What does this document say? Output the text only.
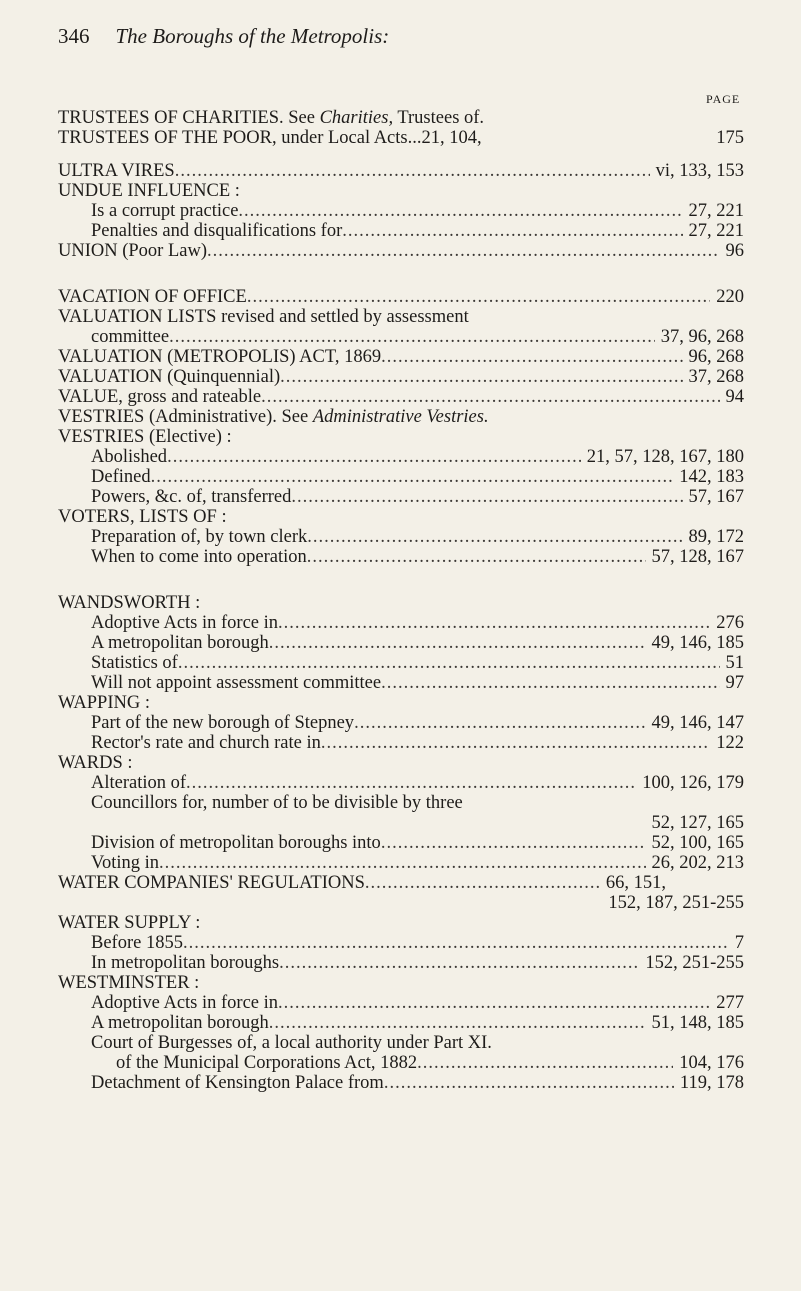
346 The Boroughs of the Metropolis:
PAGE
TRUSTEES OF CHARITIES. See Charities, Trustees of.
TRUSTEES OF THE POOR, under Local Acts...21, 104,	175
ULTRA VIRES .....	vi, 133, 153
UNDUE INFLUENCE :
Is a corrupt practice .....	27, 221
Penalties and disqualifications for .....	27, 221
UNION (Poor Law) .....	96
VACATION OF OFFICE .....	220
VALUATION LISTS revised and settled by assessment
committee .....	37, 96, 268
VALUATION (METROPOLIS) ACT, 1869 .....	96, 268
VALUATION (Quinquennial) .....	37, 268
VALUE, gross and rateable .....	94
VESTRIES (Administrative). See Administrative Vestries.
VESTRIES (Elective) :
Abolished .....	21, 57, 128, 167, 180
Defined .....	142, 183
Powers, &c. of, transferred .....	57, 167
VOTERS, LISTS OF :
Preparation of, by town clerk .....	89, 172
When to come into operation .....	57, 128, 167
WANDSWORTH :
Adoptive Acts in force in .....	276
A metropolitan borough .....	49, 146, 185
Statistics of .....	51
Will not appoint assessment committee .....	97
WAPPING :
Part of the new borough of Stepney .....	49, 146, 147
Rector's rate and church rate in .....	122
WARDS :
Alteration of .....	100, 126, 179
Councillors for, number of to be divisible by three
52, 127, 165
Division of metropolitan boroughs into .....	52, 100, 165
Voting in .....	26, 202, 213
WATER COMPANIES' REGULATIONS .....	66, 151,
152, 187, 251-255
WATER SUPPLY :
Before 1855 .....	7
In metropolitan boroughs .....	152, 251-255
WESTMINSTER :
Adoptive Acts in force in .....	277
A metropolitan borough .....	51, 148, 185
Court of Burgesses of, a local authority under Part XI.
of the Municipal Corporations Act, 1882 .....	104, 176
Detachment of Kensington Palace from .....	119, 178
